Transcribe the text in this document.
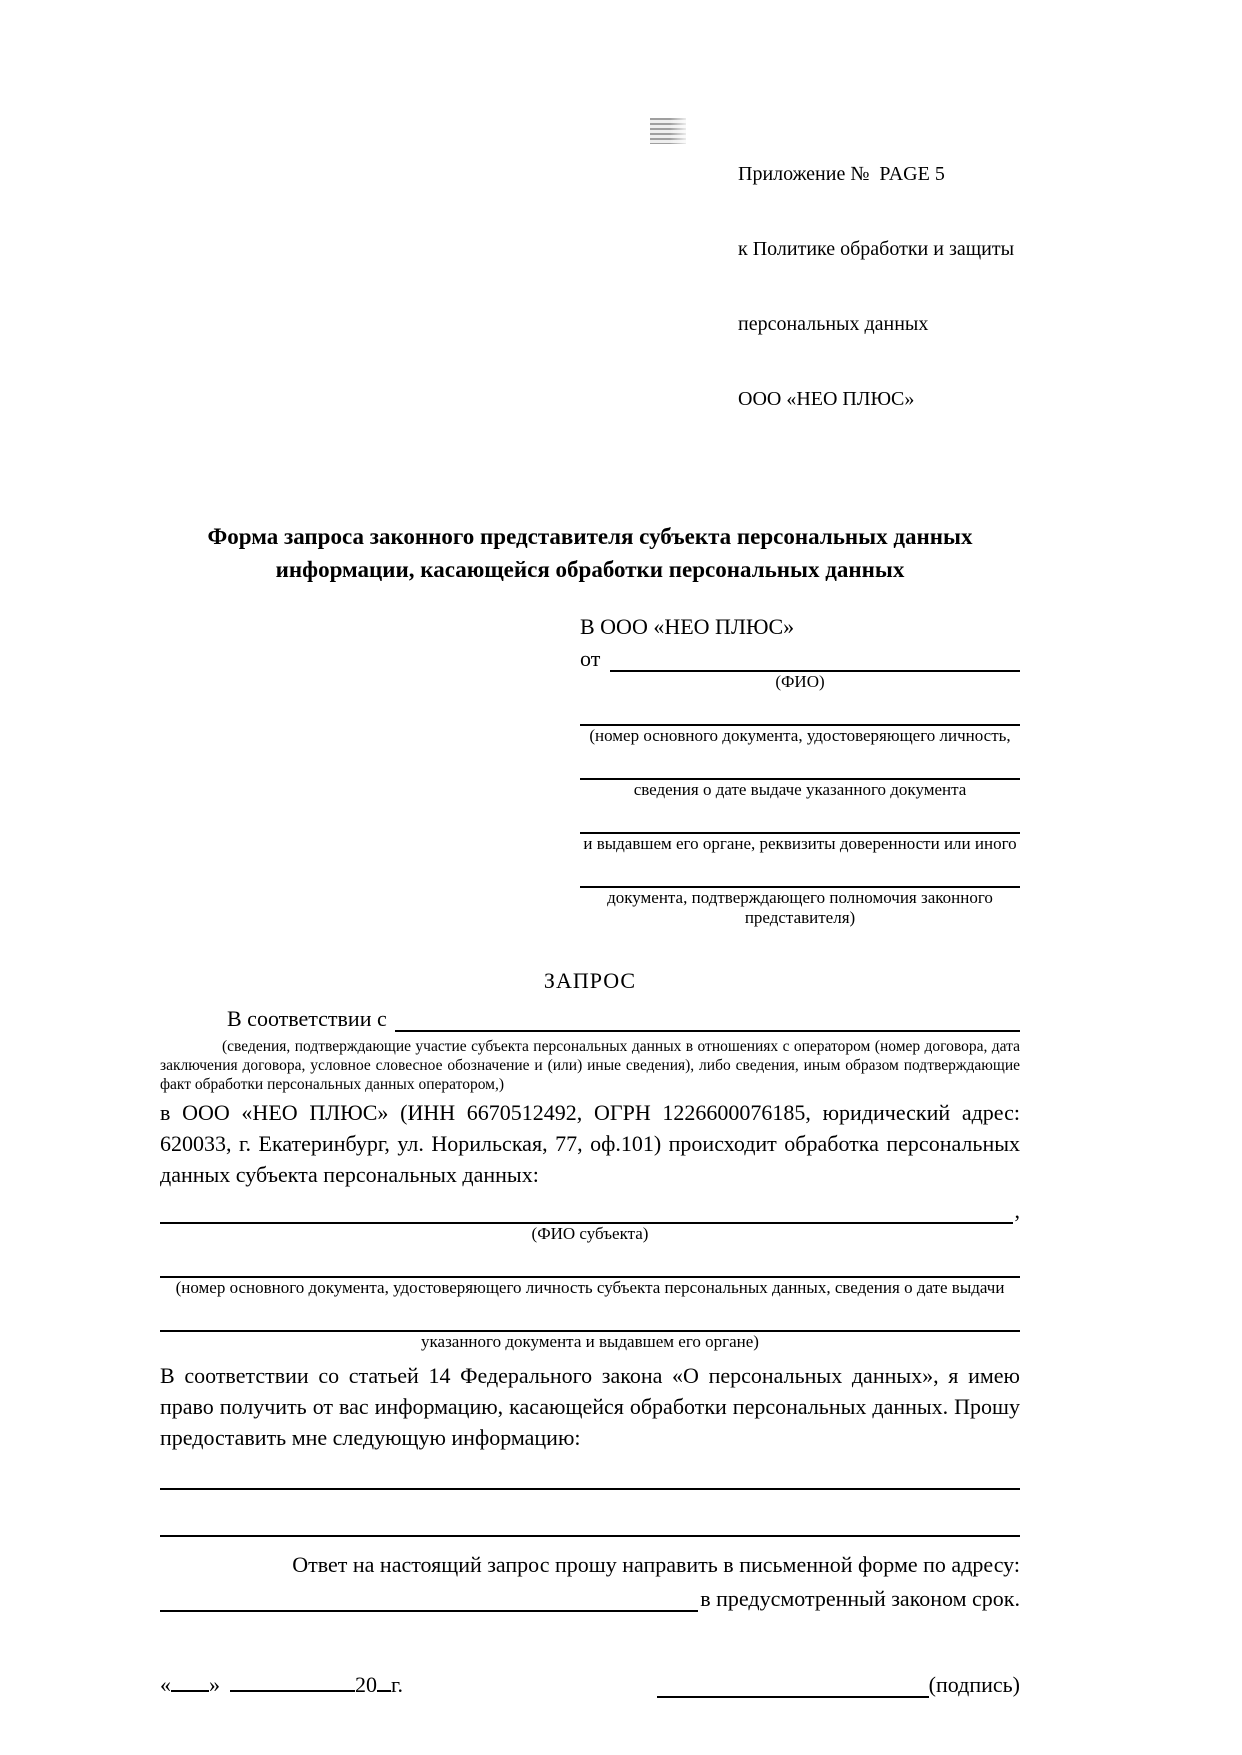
Приложение №  PAGE 5

к Политике обработки и защиты

персональных данных

ООО «НЕО ПЛЮС»

Форма запроса законного представителя субъекта персональных данных
информации, касающейся обработки персональных данных
В ООО «НЕО ПЛЮС»
от
(ФИО)
(номер основного документа, удостоверяющего личность,
сведения о дате выдаче указанного документа
и выдавшем его органе, реквизиты доверенности или иного
документа, подтверждающего полномочия законного представителя)
ЗАПРОС
В соответствии с
(сведения, подтверждающие участие субъекта персональных данных в отношениях с оператором (номер договора, дата заключения договора, условное словесное обозначение и (или) иные сведения), либо сведения, иным образом подтверждающие факт обработки персональных данных оператором,)
в ООО «НЕО ПЛЮС» (ИНН 6670512492, ОГРН 1226600076185, юридический адрес: 620033, г. Екатеринбург, ул. Норильская, 77, оф.101) происходит обработка персональных данных субъекта персональных данных:
,
(ФИО субъекта)
(номер основного документа, удостоверяющего личность субъекта персональных данных, сведения о дате выдачи
указанного документа и выдавшем его органе)
В соответствии со статьей 14 Федерального закона «О персональных данных», я имею право получить от вас информацию, касающейся обработки персональных данных. Прошу предоставить мне следующую информацию:
Ответ на настоящий запрос прошу направить в письменной форме по адресу:
в предусмотренный законом срок.
« »	20 г.	(подпись)
